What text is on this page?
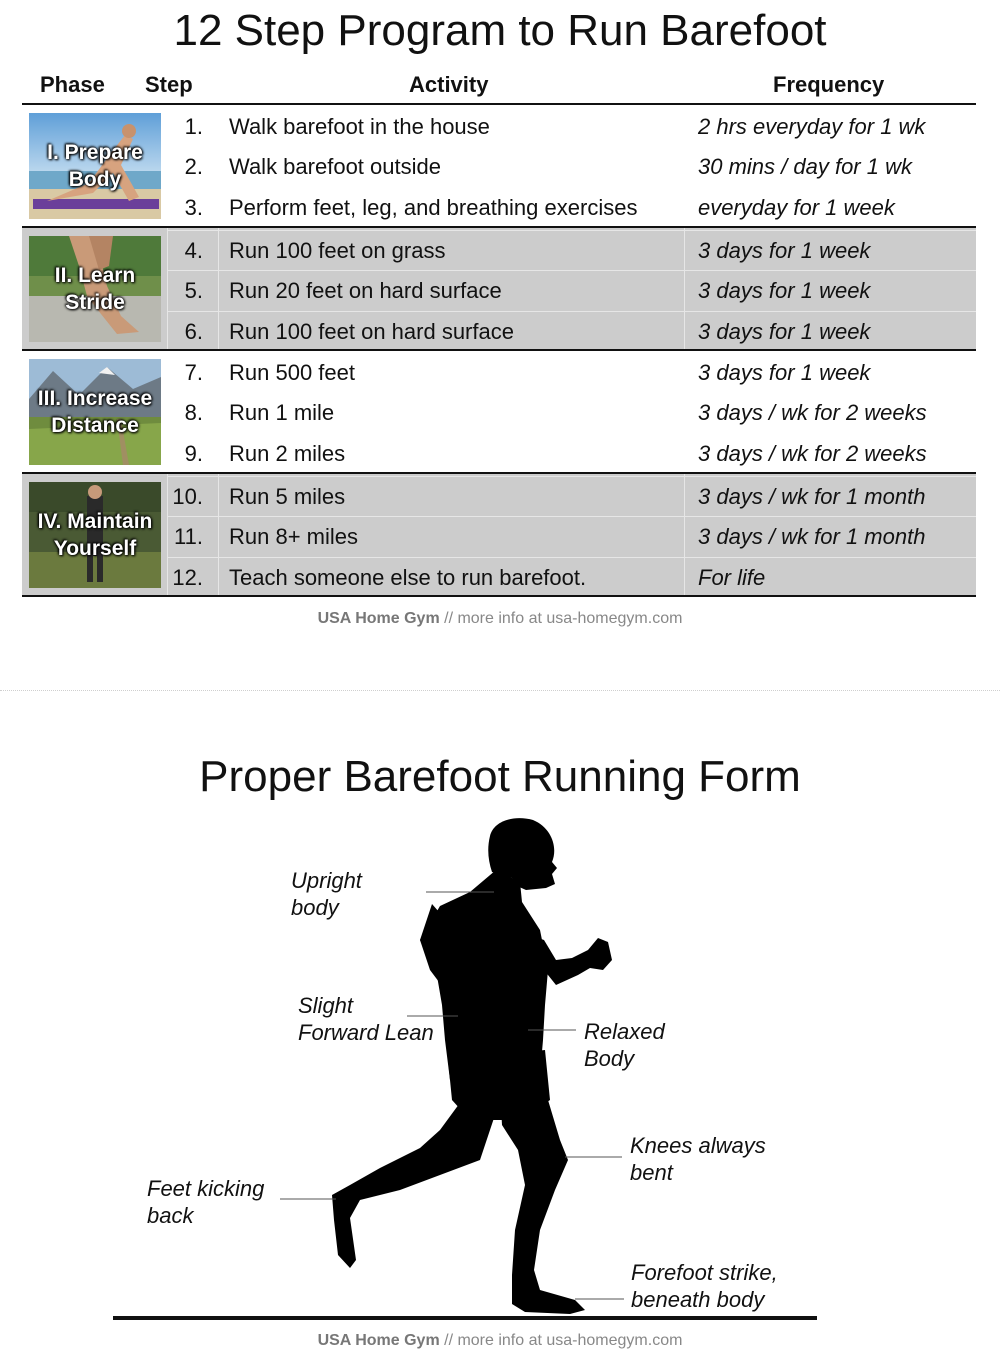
12 Step Program to Run Barefoot
Phase Step	Activity	Frequency
I. Prepare
Body
1. Walk barefoot in the house	2 hrs everyday for 1 wk
2. Walk barefoot outside	30 mins / day for 1 wk
3. Perform feet, leg, and breathing exercises	everyday for 1 week
II. Learn
Stride
4. Run 100 feet on grass	3 days for 1 week
5. Run 20 feet on hard surface	3 days for 1 week
6. Run 100 feet on hard surface	3 days for 1 week
III. Increase
Distance
7. Run 500 feet	3 days for 1 week
8. Run 1 mile	3 days / wk for 2 weeks
9. Run 2 miles	3 days / wk for 2 weeks
IV. Maintain
Yourself
10. Run 5 miles	3 days / wk for 1 month
11. Run 8+ miles	3 days / wk for 1 month
12. Teach someone else to run barefoot.	For life
USA Home Gym // more info at usa-homegym.com
Proper Barefoot Running Form
Upright
body
Slight
Forward Lean	Relaxed
Body
Knees always
bent
Feet kicking
back
Forefoot strike,
beneath body
USA Home Gym // more info at usa-homegym.com
